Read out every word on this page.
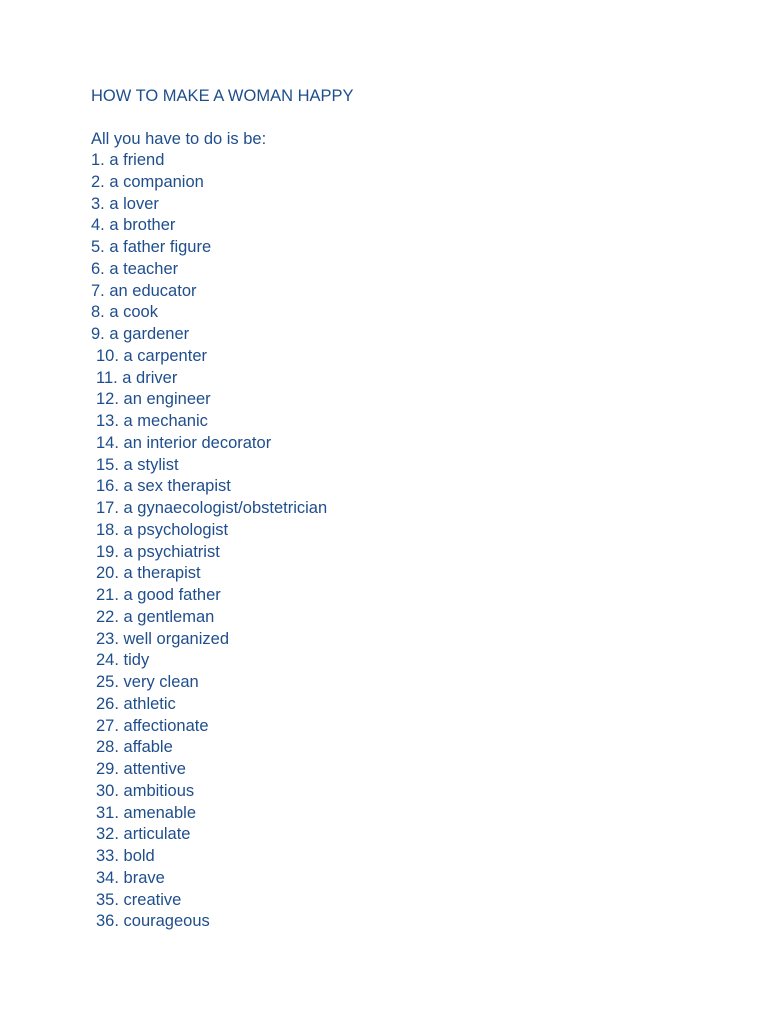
HOW TO MAKE A WOMAN HAPPY
All you have to do is be:
1. a friend
2. a companion
3. a lover
4. a brother
5. a father figure
6. a teacher
7. an educator
8. a cook
9. a gardener
10. a carpenter
11. a driver
12. an engineer
13. a mechanic
14. an interior decorator
15. a stylist
16. a sex therapist
17. a gynaecologist/obstetrician
18. a psychologist
19. a psychiatrist
20. a therapist
21. a good father
22. a gentleman
23. well organized
24. tidy
25. very clean
26. athletic
27. affectionate
28. affable
29. attentive
30. ambitious
31. amenable
32. articulate
33. bold
34. brave
35. creative
36. courageous
